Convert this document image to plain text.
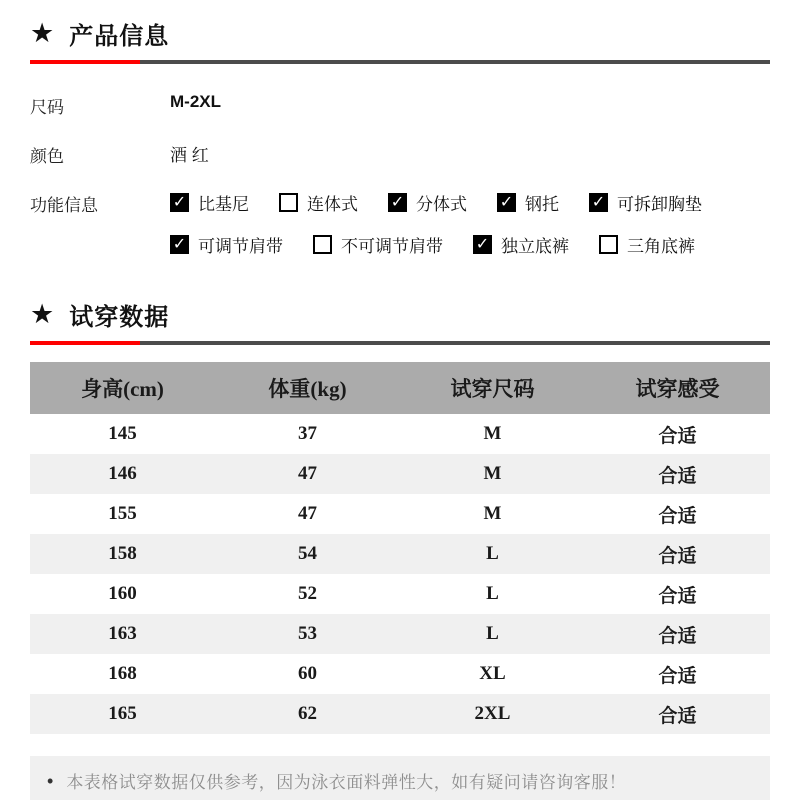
★ 产品信息
尺码	M-2XL
颜色	酒 红
功能信息	✓ 比基尼	连体式 ✓ 分体式 ✓ 钢托 ✓ 可拆卸胸垫
✓ 可调节肩带	不可调节肩带 ✓ 独立底裤	三角底裤
★ 试穿数据
身高(cm)	体重(kg)	试穿尺码	试穿感受
145	37	M	合适
146	47	M	合适
155	47	M	合适
158	54	L	合适
160	52	L	合适
163	53	L	合适
168	60	XL	合适
165	62	2XL	合适
• 本表格试穿数据仅供参考，因为泳衣面料弹性大，如有疑问请咨询客服！
